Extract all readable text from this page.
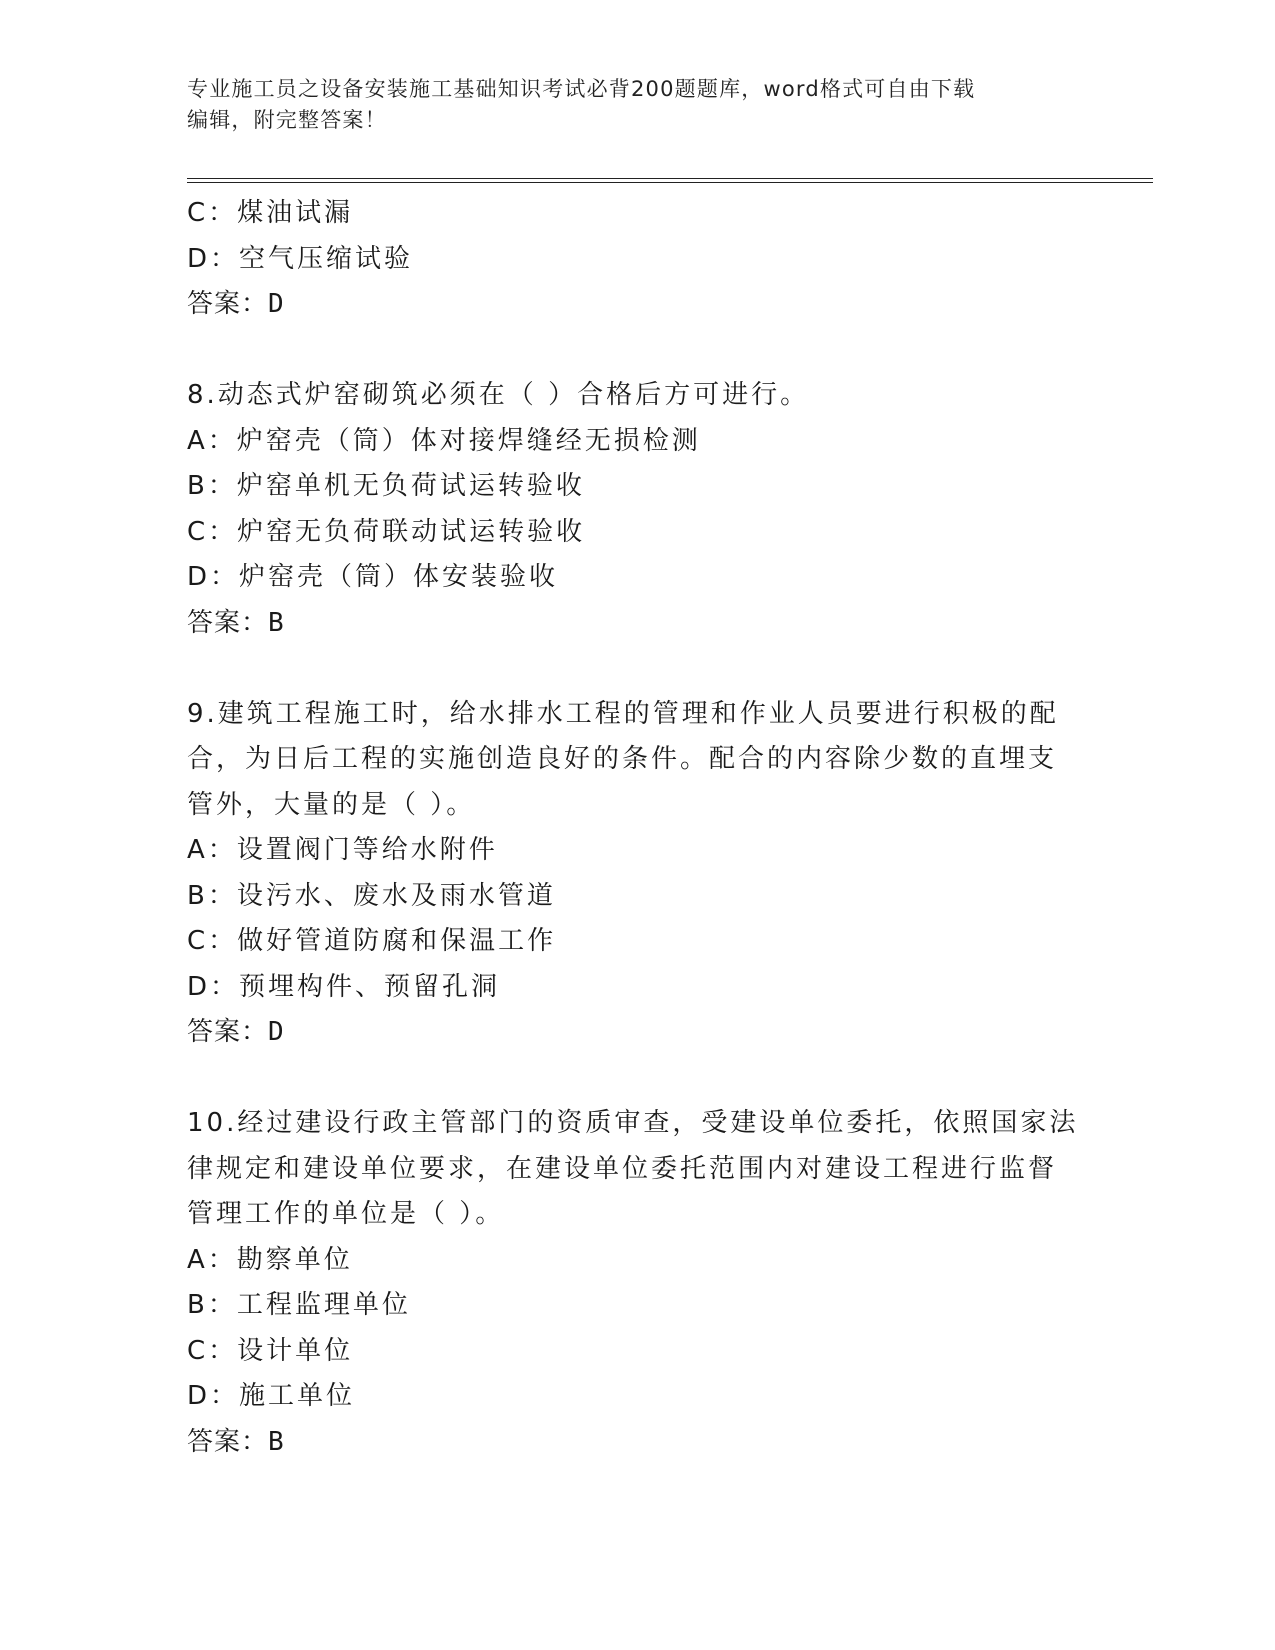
专业施工员之设备安装施工基础知识考试必背200题题库，word格式可自由下载
编辑，附完整答案！
C：煤油试漏
D：空气压缩试验
答案：D
8.动态式炉窑砌筑必须在（ ）合格后方可进行。
A：炉窑壳（筒）体对接焊缝经无损检测
B：炉窑单机无负荷试运转验收
C：炉窑无负荷联动试运转验收
D：炉窑壳（筒）体安装验收
答案：B
9.建筑工程施工时，给水排水工程的管理和作业人员要进行积极的配
合，为日后工程的实施创造良好的条件。配合的内容除少数的直埋支
管外，大量的是（ ）。
A：设置阀门等给水附件
B：设污水、废水及雨水管道
C：做好管道防腐和保温工作
D：预埋构件、预留孔洞
答案：D
10.经过建设行政主管部门的资质审查，受建设单位委托，依照国家法
律规定和建设单位要求，在建设单位委托范围内对建设工程进行监督
管理工作的单位是（ ）。
A：勘察单位
B：工程监理单位
C：设计单位
D：施工单位
答案：B
